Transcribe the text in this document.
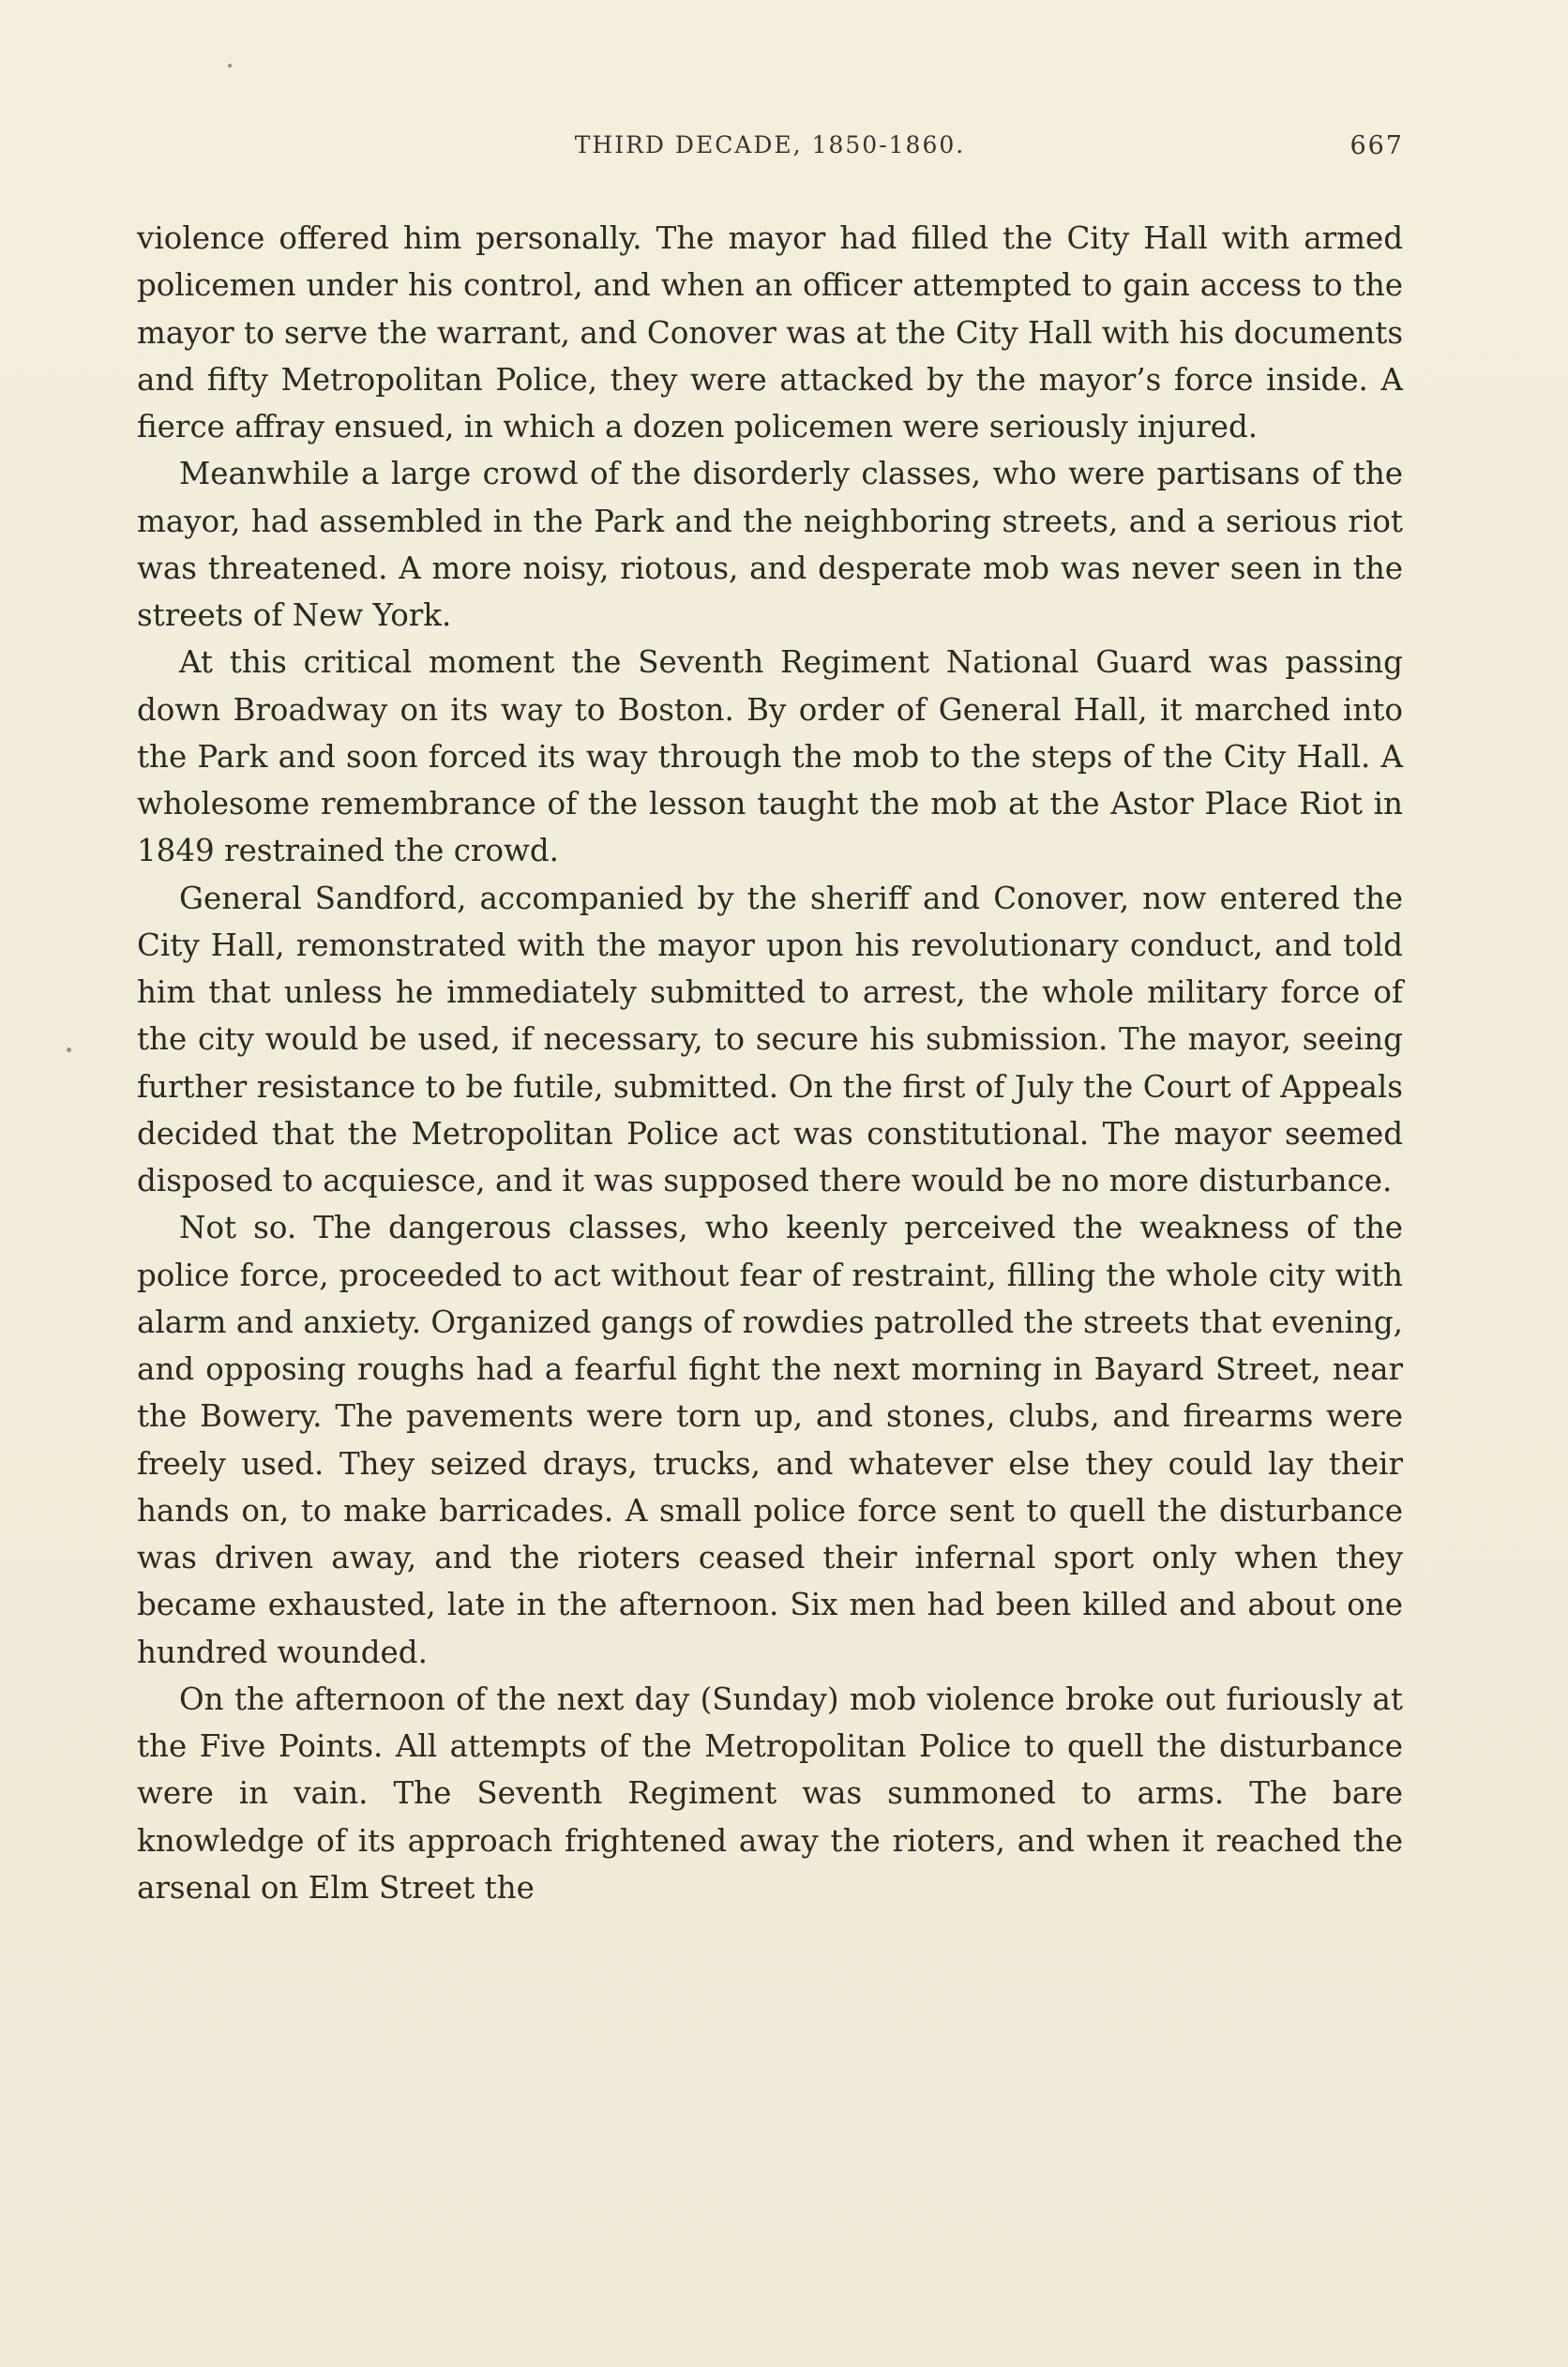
THIRD DECADE, 1850-1860.	667

violence offered him personally. The mayor had filled the City Hall with armed policemen under his control, and when an officer attempted to gain access to the mayor to serve the warrant, and Conover was at the City Hall with his documents and fifty Metropolitan Police, they were attacked by the mayor’s force inside. A fierce affray ensued, in which a dozen policemen were seriously injured.

Meanwhile a large crowd of the disorderly classes, who were partisans of the mayor, had assembled in the Park and the neighboring streets, and a serious riot was threatened. A more noisy, riotous, and desperate mob was never seen in the streets of New York.

At this critical moment the Seventh Regiment National Guard was passing down Broadway on its way to Boston. By order of General Hall, it marched into the Park and soon forced its way through the mob to the steps of the City Hall. A wholesome remembrance of the lesson taught the mob at the Astor Place Riot in 1849 restrained the crowd.

General Sandford, accompanied by the sheriff and Conover, now entered the City Hall, remonstrated with the mayor upon his revolutionary conduct, and told him that unless he immediately submitted to arrest, the whole military force of the city would be used, if necessary, to secure his submission. The mayor, seeing further resistance to be futile, submitted. On the first of July the Court of Appeals decided that the Metropolitan Police act was constitutional. The mayor seemed disposed to acquiesce, and it was supposed there would be no more disturbance.

Not so. The dangerous classes, who keenly perceived the weakness of the police force, proceeded to act without fear of restraint, filling the whole city with alarm and anxiety. Organized gangs of rowdies patrolled the streets that evening, and opposing roughs had a fearful fight the next morning in Bayard Street, near the Bowery. The pavements were torn up, and stones, clubs, and firearms were freely used. They seized drays, trucks, and whatever else they could lay their hands on, to make barricades. A small police force sent to quell the disturbance was driven away, and the rioters ceased their infernal sport only when they became exhausted, late in the afternoon. Six men had been killed and about one hundred wounded.

On the afternoon of the next day (Sunday) mob violence broke out furiously at the Five Points. All attempts of the Metropolitan Police to quell the disturbance were in vain. The Seventh Regiment was summoned to arms. The bare knowledge of its approach frightened away the rioters, and when it reached the arsenal on Elm Street the
